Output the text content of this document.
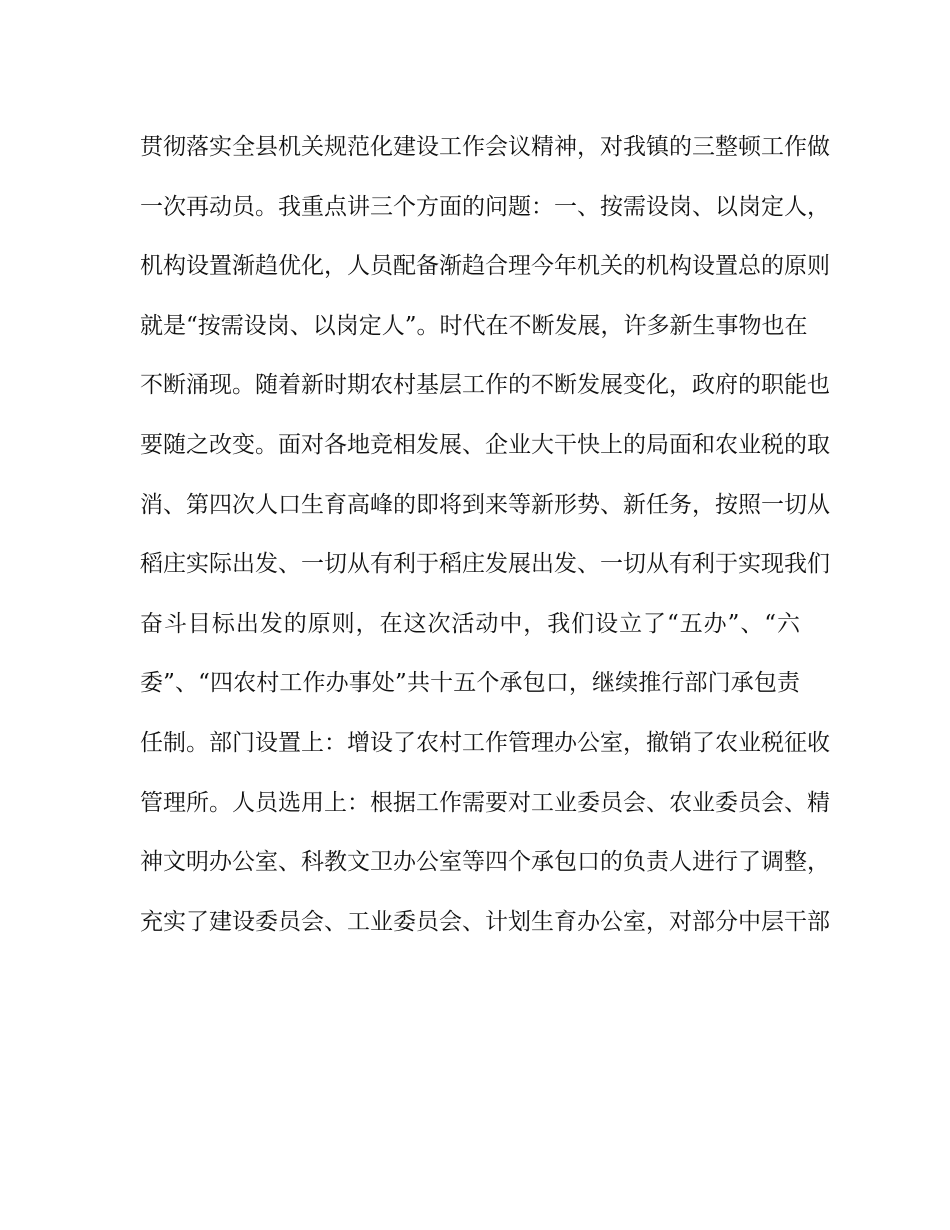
贯彻落实全县机关规范化建设工作会议精神，对我镇的三整顿工作做
一次再动员。我重点讲三个方面的问题：一、按需设岗、以岗定人，
机构设置渐趋优化，人员配备渐趋合理今年机关的机构设置总的原则
就是“按需设岗、以岗定人”。时代在不断发展，许多新生事物也在
不断涌现。随着新时期农村基层工作的不断发展变化，政府的职能也
要随之改变。面对各地竞相发展、企业大干快上的局面和农业税的取
消、第四次人口生育高峰的即将到来等新形势、新任务，按照一切从
稻庄实际出发、一切从有利于稻庄发展出发、一切从有利于实现我们
奋斗目标出发的原则，在这次活动中，我们设立了“五办”、“六
委”、“四农村工作办事处”共十五个承包口，继续推行部门承包责
任制。部门设置上：增设了农村工作管理办公室，撤销了农业税征收
管理所。人员选用上：根据工作需要对工业委员会、农业委员会、精
神文明办公室、科教文卫办公室等四个承包口的负责人进行了调整，
充实了建设委员会、工业委员会、计划生育办公室，对部分中层干部
